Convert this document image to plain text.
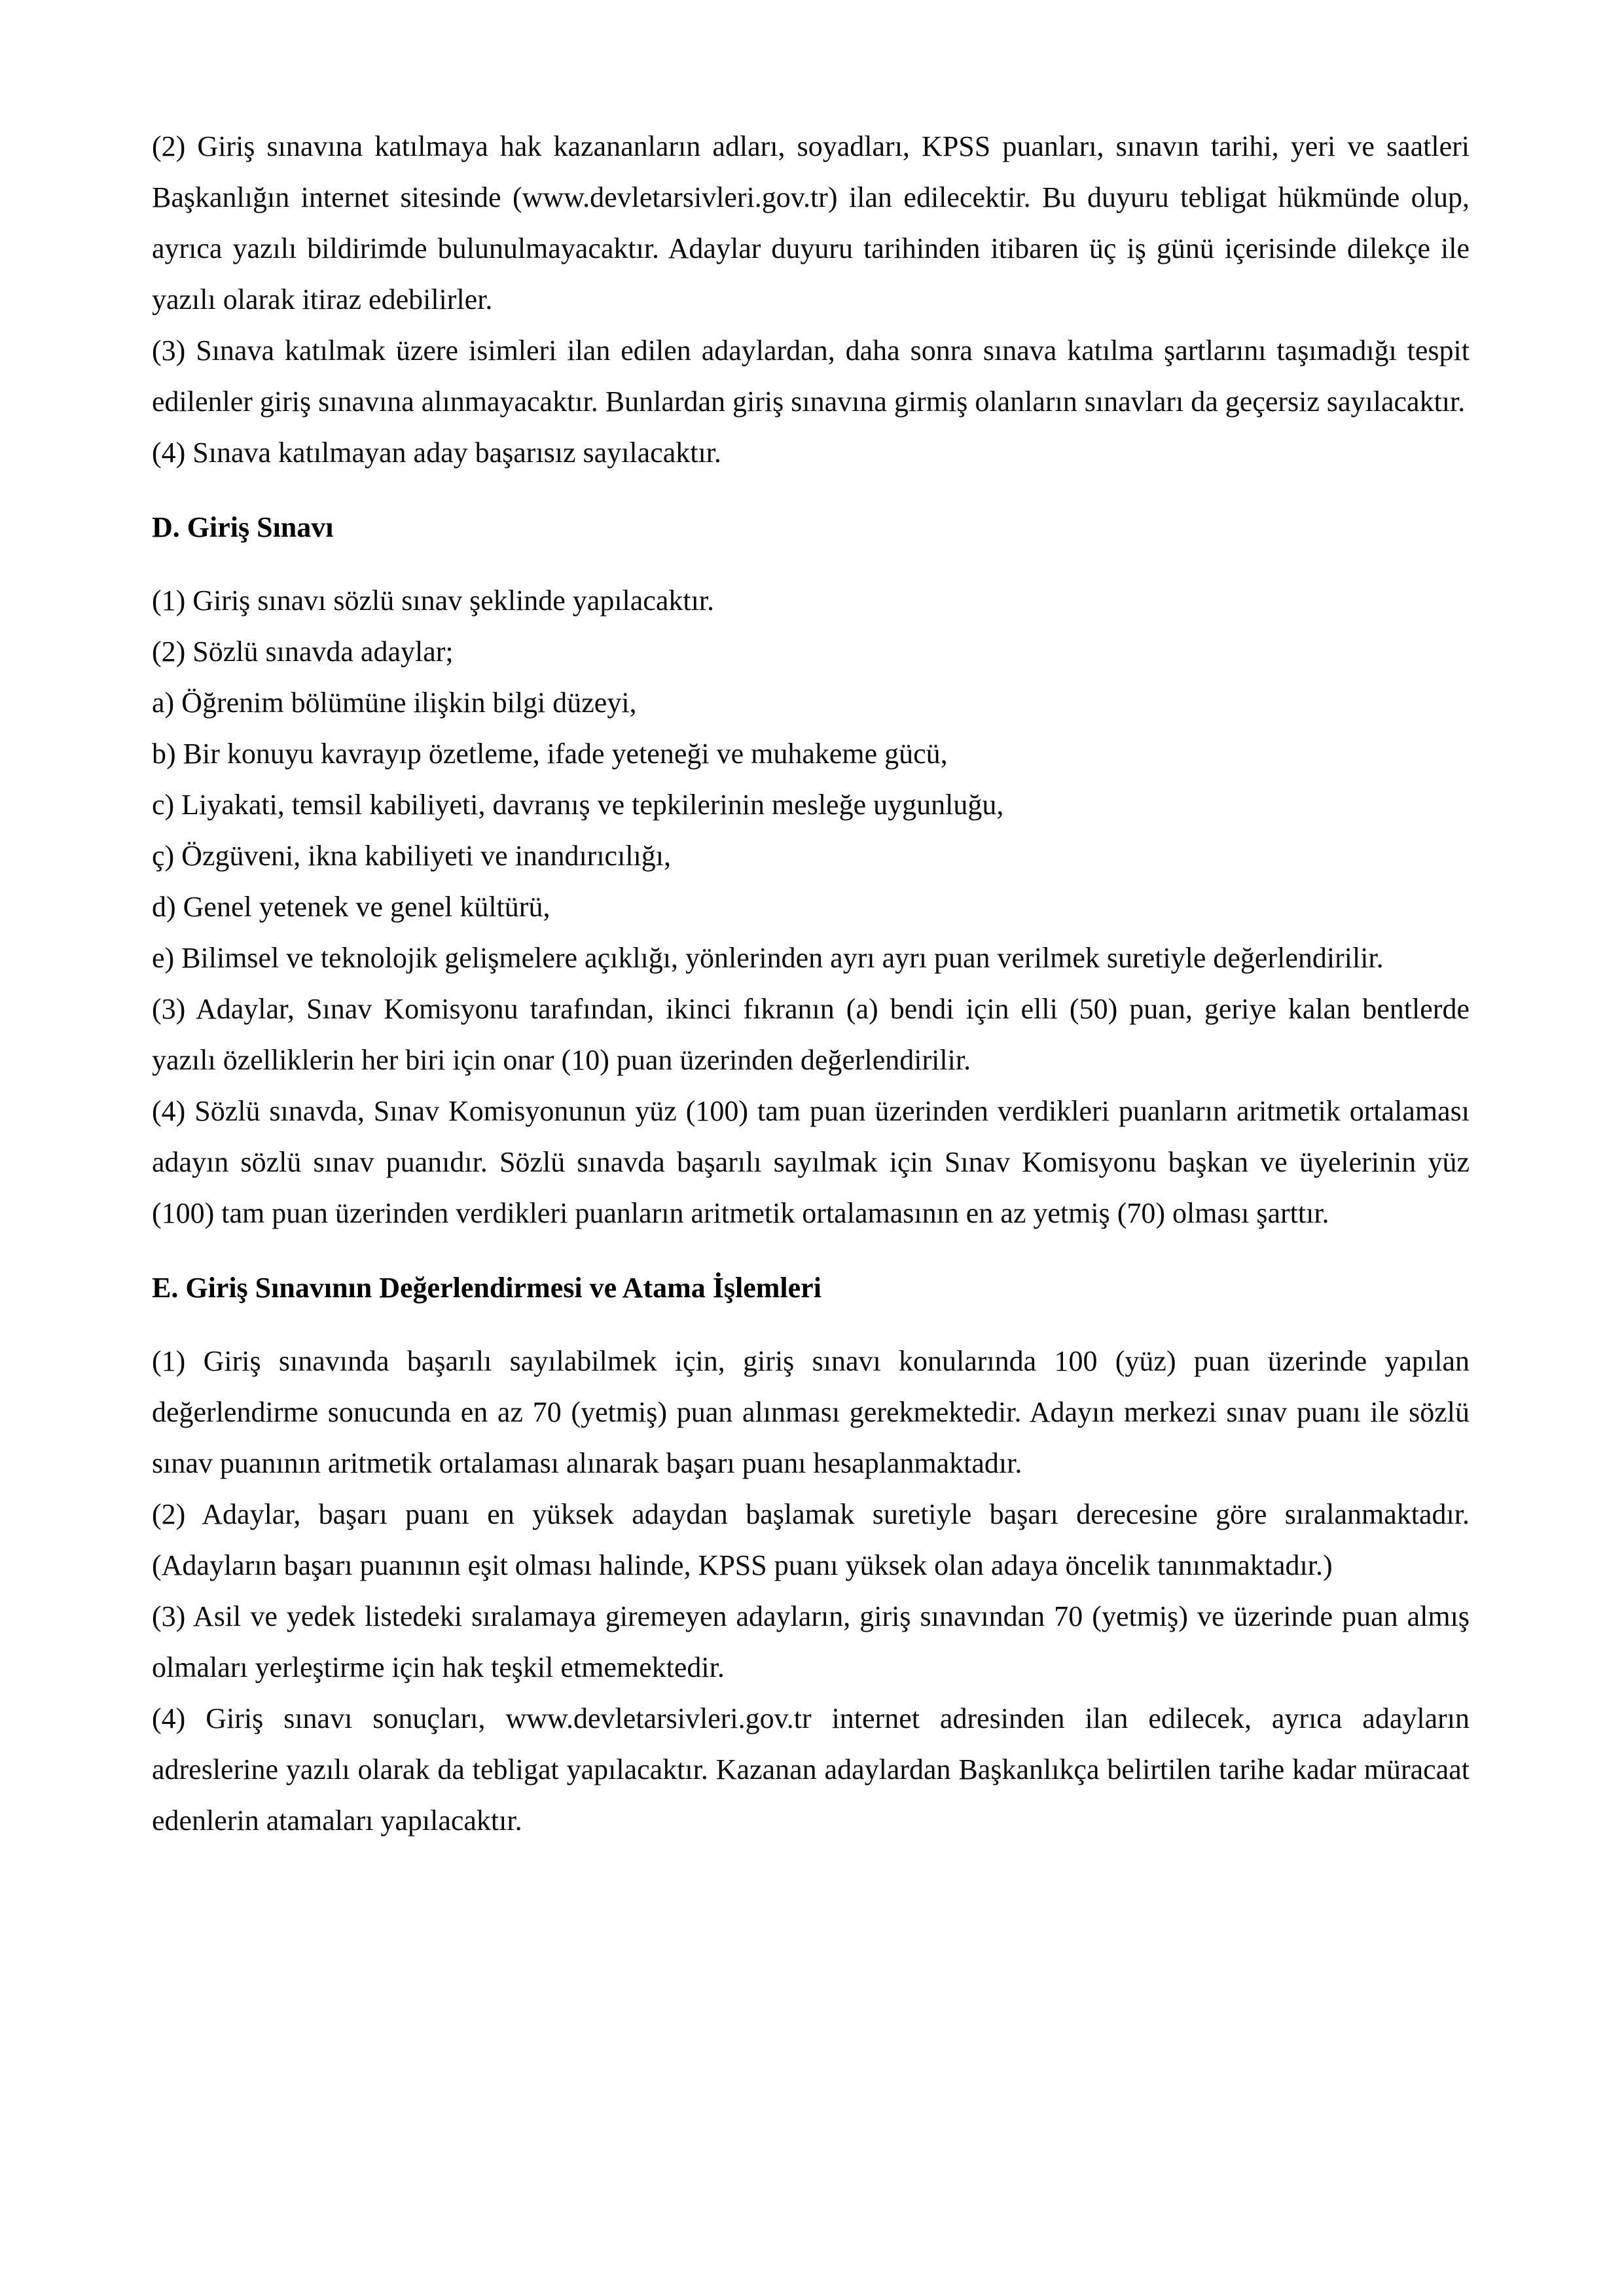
(2) Giriş sınavına katılmaya hak kazananların adları, soyadları, KPSS puanları, sınavın tarihi, yeri ve saatleri Başkanlığın internet sitesinde (www.devletarsivleri.gov.tr) ilan edilecektir. Bu duyuru tebligat hükmünde olup, ayrıca yazılı bildirimde bulunulmayacaktır. Adaylar duyuru tarihinden itibaren üç iş günü içerisinde dilekçe ile yazılı olarak itiraz edebilirler.

(3) Sınava katılmak üzere isimleri ilan edilen adaylardan, daha sonra sınava katılma şartlarını taşımadığı tespit edilenler giriş sınavına alınmayacaktır. Bunlardan giriş sınavına girmiş olanların sınavları da geçersiz sayılacaktır.

(4) Sınava katılmayan aday başarısız sayılacaktır.

D. Giriş Sınavı

(1) Giriş sınavı sözlü sınav şeklinde yapılacaktır.

(2) Sözlü sınavda adaylar;

a) Öğrenim bölümüne ilişkin bilgi düzeyi,

b) Bir konuyu kavrayıp özetleme, ifade yeteneği ve muhakeme gücü,

c) Liyakati, temsil kabiliyeti, davranış ve tepkilerinin mesleğe uygunluğu,

ç) Özgüveni, ikna kabiliyeti ve inandırıcılığı,

d) Genel yetenek ve genel kültürü,

e) Bilimsel ve teknolojik gelişmelere açıklığı, yönlerinden ayrı ayrı puan verilmek suretiyle değerlendirilir.

(3) Adaylar, Sınav Komisyonu tarafından, ikinci fıkranın (a) bendi için elli (50) puan, geriye kalan bentlerde yazılı özelliklerin her biri için onar (10) puan üzerinden değerlendirilir.

(4) Sözlü sınavda, Sınav Komisyonunun yüz (100) tam puan üzerinden verdikleri puanların aritmetik ortalaması adayın sözlü sınav puanıdır. Sözlü sınavda başarılı sayılmak için Sınav Komisyonu başkan ve üyelerinin yüz (100) tam puan üzerinden verdikleri puanların aritmetik ortalamasının en az yetmiş (70) olması şarttır.

E. Giriş Sınavının Değerlendirmesi ve Atama İşlemleri

(1) Giriş sınavında başarılı sayılabilmek için, giriş sınavı konularında 100 (yüz) puan üzerinde yapılan değerlendirme sonucunda en az 70 (yetmiş) puan alınması gerekmektedir. Adayın merkezi sınav puanı ile sözlü sınav puanının aritmetik ortalaması alınarak başarı puanı hesaplanmaktadır.

(2) Adaylar, başarı puanı en yüksek adaydan başlamak suretiyle başarı derecesine göre sıralanmaktadır. (Adayların başarı puanının eşit olması halinde, KPSS puanı yüksek olan adaya öncelik tanınmaktadır.)

(3) Asil ve yedek listedeki sıralamaya giremeyen adayların, giriş sınavından 70 (yetmiş) ve üzerinde puan almış olmaları yerleştirme için hak teşkil etmemektedir.

(4) Giriş sınavı sonuçları, www.devletarsivleri.gov.tr internet adresinden ilan edilecek, ayrıca adayların adreslerine yazılı olarak da tebligat yapılacaktır. Kazanan adaylardan Başkanlıkça belirtilen tarihe kadar müracaat edenlerin atamaları yapılacaktır.
